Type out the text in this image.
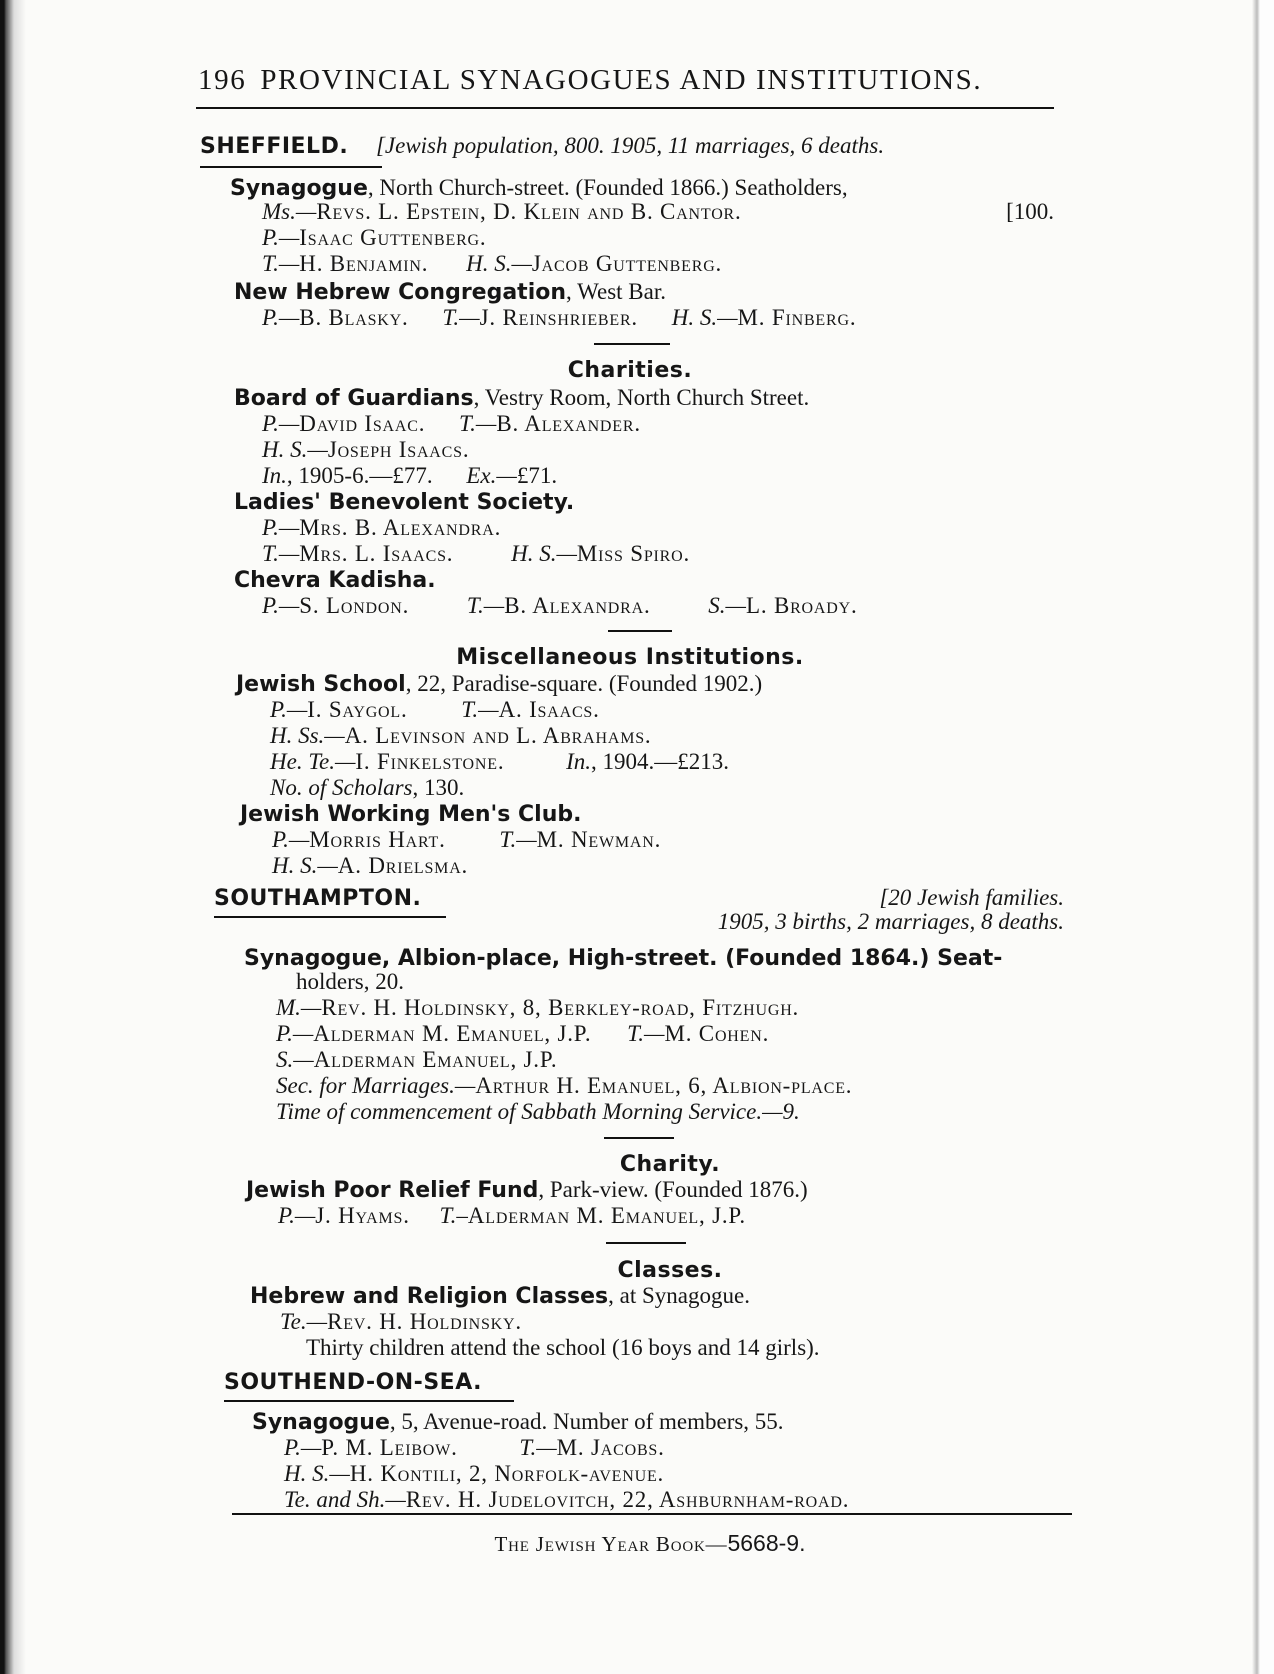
196 PROVINCIAL SYNAGOGUES AND INSTITUTIONS.
SHEFFIELD. [Jewish population, 800. 1905, 11 marriages, 6 deaths.
Synagogue, North Church-street. (Founded 1866.) Seatholders,
Ms.—Revs. L. Epstein, D. Klein and B. Cantor.	[100.
P.—Isaac Guttenberg.
T.—H. Benjamin. H. S.—Jacob Guttenberg.
New Hebrew Congregation, West Bar.
P.—B. Blasky. T.—J. Reinshrieber. H. S.—M. Finberg.
Charities.
Board of Guardians, Vestry Room, North Church Street.
P.—David Isaac. T.—B. Alexander.
H. S.—Joseph Isaacs.
In., 1905-6.—£77. Ex.—£71.
Ladies' Benevolent Society.
P.—Mrs. B. Alexandra.
T.—Mrs. L. Isaacs.	H. S.—Miss Spiro.
Chevra Kadisha.
P.—S. London.	T.—B. Alexandra.	S.—L. Broady.
Miscellaneous Institutions.
Jewish School, 22, Paradise-square. (Founded 1902.)
P.—I. Saygol. T.—A. Isaacs.
H. Ss.—A. Levinson and L. Abrahams.
He. Te.—I. Finkelstone.	In., 1904.—£213.
No. of Scholars, 130.
Jewish Working Men's Club.
P.—Morris Hart. T.—M. Newman.
H. S.—A. Drielsma.
SOUTHAMPTON.	[20 Jewish families.
1905, 3 births, 2 marriages, 8 deaths.
Synagogue, Albion-place, High-street. (Founded 1864.) Seat-
holders, 20.
M.—Rev. H. Holdinsky, 8, Berkley-road, Fitzhugh.
P.—Alderman M. Emanuel, J.P. T.—M. Cohen.
S.—Alderman Emanuel, J.P.
Sec. for Marriages.—Arthur H. Emanuel, 6, Albion-place.
Time of commencement of Sabbath Morning Service.—9.
Charity.
Jewish Poor Relief Fund, Park-view. (Founded 1876.)
P.—J. Hyams. T.–Alderman M. Emanuel, J.P.
Classes.
Hebrew and Religion Classes, at Synagogue.
Te.—Rev. H. Holdinsky.
Thirty children attend the school (16 boys and 14 girls).
SOUTHEND-ON-SEA.
Synagogue, 5, Avenue-road. Number of members, 55.
P.—P. M. Leibow.	T.—M. Jacobs.
H. S.—H. Kontili, 2, Norfolk-avenue.
Te. and Sh.—Rev. H. Judelovitch, 22, Ashburnham-road.
The Jewish Year Book—5668-9.
